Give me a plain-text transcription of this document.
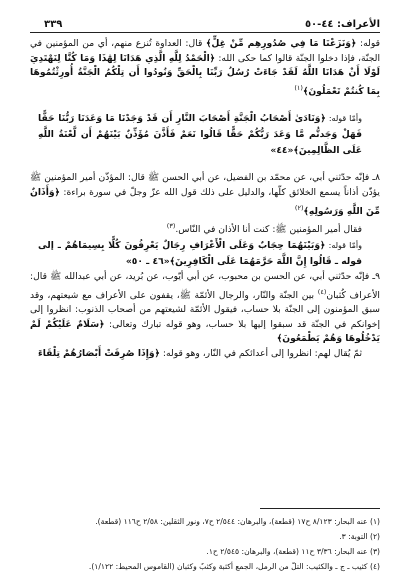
الأعراف: ٤٤-٥٠
٣٣٩

قوله: ﴿وَنَزَعْنَا مَا فِي صُدُورِهِم مِّنْ غِلٍّ﴾ قال: العداوة تُنزع منهم، أي من المؤمنين في الجنّة، فإذا دخلوا الجنّة قالوا كما حكى الله: ﴿الْحَمْدُ لِلَّهِ الَّذِي هَدَانَا لِهَٰذَا وَمَا كُنَّا لِنَهْتَدِيَ لَوْلَا أَنْ هَدَانَا اللَّهُ لَقَدْ جَاءَتْ رُسُلُ رَبِّنَا بِالْحَقِّ وَنُودُوا أَن تِلْكُمُ الْجَنَّةُ أُورِثْتُمُوهَا بِمَا كُنتُمْ تَعْمَلُونَ﴾$^{(١)}$

وأمّا قوله: ﴿وَنَادَىٰ أَصْحَابُ الْجَنَّةِ أَصْحَابَ النَّارِ أَن قَدْ وَجَدْنَا مَا وَعَدَنَا رَبُّنَا حَقًّا فَهَلْ وَجَدتُّم مَّا وَعَدَ رَبُّكُمْ حَقًّا قَالُوا نَعَمْ فَأَذَّنَ مُؤَذِّنٌ بَيْنَهُمْ أَن لَّعْنَةُ اللَّهِ عَلَى الظَّالِمِينَ﴾«٤٤»

٨ـ فإنّه حدّثني أبي، عن محمّد بن الفضيل، عن أبي الحسن ﷺ قال: المؤذّن أمير المؤمنين ﷺ يؤذّن أذاناً يسمع الخلائق كلّها، والدليل على ذلك قول الله عزّ وجلّ في سورة براءة: ﴿وَأَذَانٌ مِّنَ اللَّهِ وَرَسُولِهِ﴾$^{(٢)}$

فقال أمير المؤمنين ﷺ: كنت أنا الأذان في النّاس.$^{(٣)}$

وأمّا قوله: ﴿وَبَيْنَهُمَا حِجَابٌ وَعَلَى الْأَعْرَافِ رِجَالٌ يَعْرِفُونَ كُلًّا بِسِيمَاهُمْ ـ إلى قوله ـ قَالُوا إِنَّ اللَّهَ حَرَّمَهُمَا عَلَى الْكَافِرِينَ﴾«٤٦ ـ ٥٠»

٩ـ فإنّه حدّثني أبي، عن الحسن بن محبوب، عن أبي أيّوب، عن بُريد، عن أبي عبدالله ﷺ قال: الأعراف كُثبان$^{(٤)}$ بين الجنّة والنّار، والرجال الأئمّة ﷺ، يقفون على الأعراف مع شيعتهم، وقد سبق المؤمنون إلى الجنّة بلا حساب، فيقول الأئمّة لشيعتهم من أصحاب الذنوب: انظروا إلى إخوانكم في الجنّة قد سبقوا إليها بلا حساب، وهو قوله تبارك وتعالى: ﴿سَلَامٌ عَلَيْكُمْ لَمْ يَدْخُلُوهَا وَهُمْ يَطْمَعُونَ﴾

ثمّ يُقال لهم: انظروا إلى أعدائكم في النّار، وهو قوله: ﴿وَإِذَا صُرِفَتْ أَبْصَارُهُمْ تِلْقَاءَ

(١) عنه البحار: ٨/١٢٣ ح١٧ (قطعة)، والبرهان: ٢/٥٤٤ ح٧، ونور الثقلين: ٢/٥٨ ح١١٦ (قطعة).

(٢) التوبة: ٣.

(٣) عنه البحار: ٣/٣٦ ح١١ (قطعة)، والبرهان: ٢/٥٤٥ ح١.

(٤) كثيب ـ ج ـ والكثيب: التلّ من الرمل، الجمع أكثبة وكثبٌ وكثبان (القاموس المحيط: ١/١٢٢).
